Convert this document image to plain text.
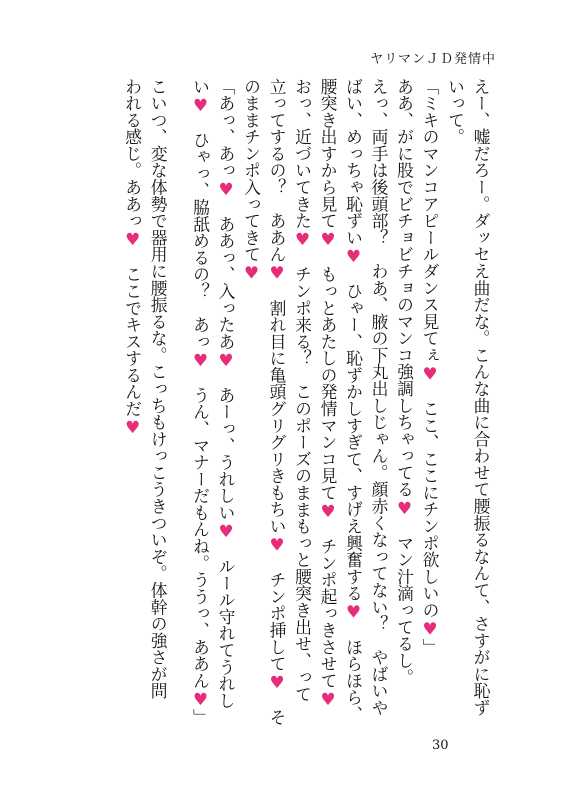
ヤリマンＪＤ発情中
えー、嘘だろー。ダッセえ曲だな。こんな曲に合わせて腰振るなんて、さすがに恥ず
いって。
「ミキのマンコアピールダンス見てぇ♥　ここ、ここにチンポ欲しいの♥」
ああ、がに股でビチョビチョのマンコ強調しちゃってる♥　マン汁滴ってるし。
えっ、両手は後頭部？　わあ、腋の下丸出しじゃん。顔赤くなってない？　やばいや
ばい、めっちゃ恥ずい♥　ひゃー、恥ずかしすぎて、すげえ興奮する♥　ほらほら、
腰突き出すから見て♥　もっとあたしの発情マンコ見て♥　チンポ起っきさせて♥
おっ、近づいてきた♥　チンポ来る？　このポーズのままもっと腰突き出せ、って
立ってするの？　ああん♥　割れ目に亀頭グリグリきもちい♥　チンポ挿して♥　そ
のままチンポ入ってきて♥
「あっ、あっ♥　ああっ、入ったあ♥　あーっ、うれしい♥　ルール守れてうれし
い♥　ひゃっ、脇舐めるの？　あっ♥　うん、マナーだもんね。ううっ、ああん♥」
こいつ、変な体勢で器用に腰振るな。こっちもけっこうきついぞ。体幹の強さが問
われる感じ。ああっ♥　ここでキスするんだ♥
30
